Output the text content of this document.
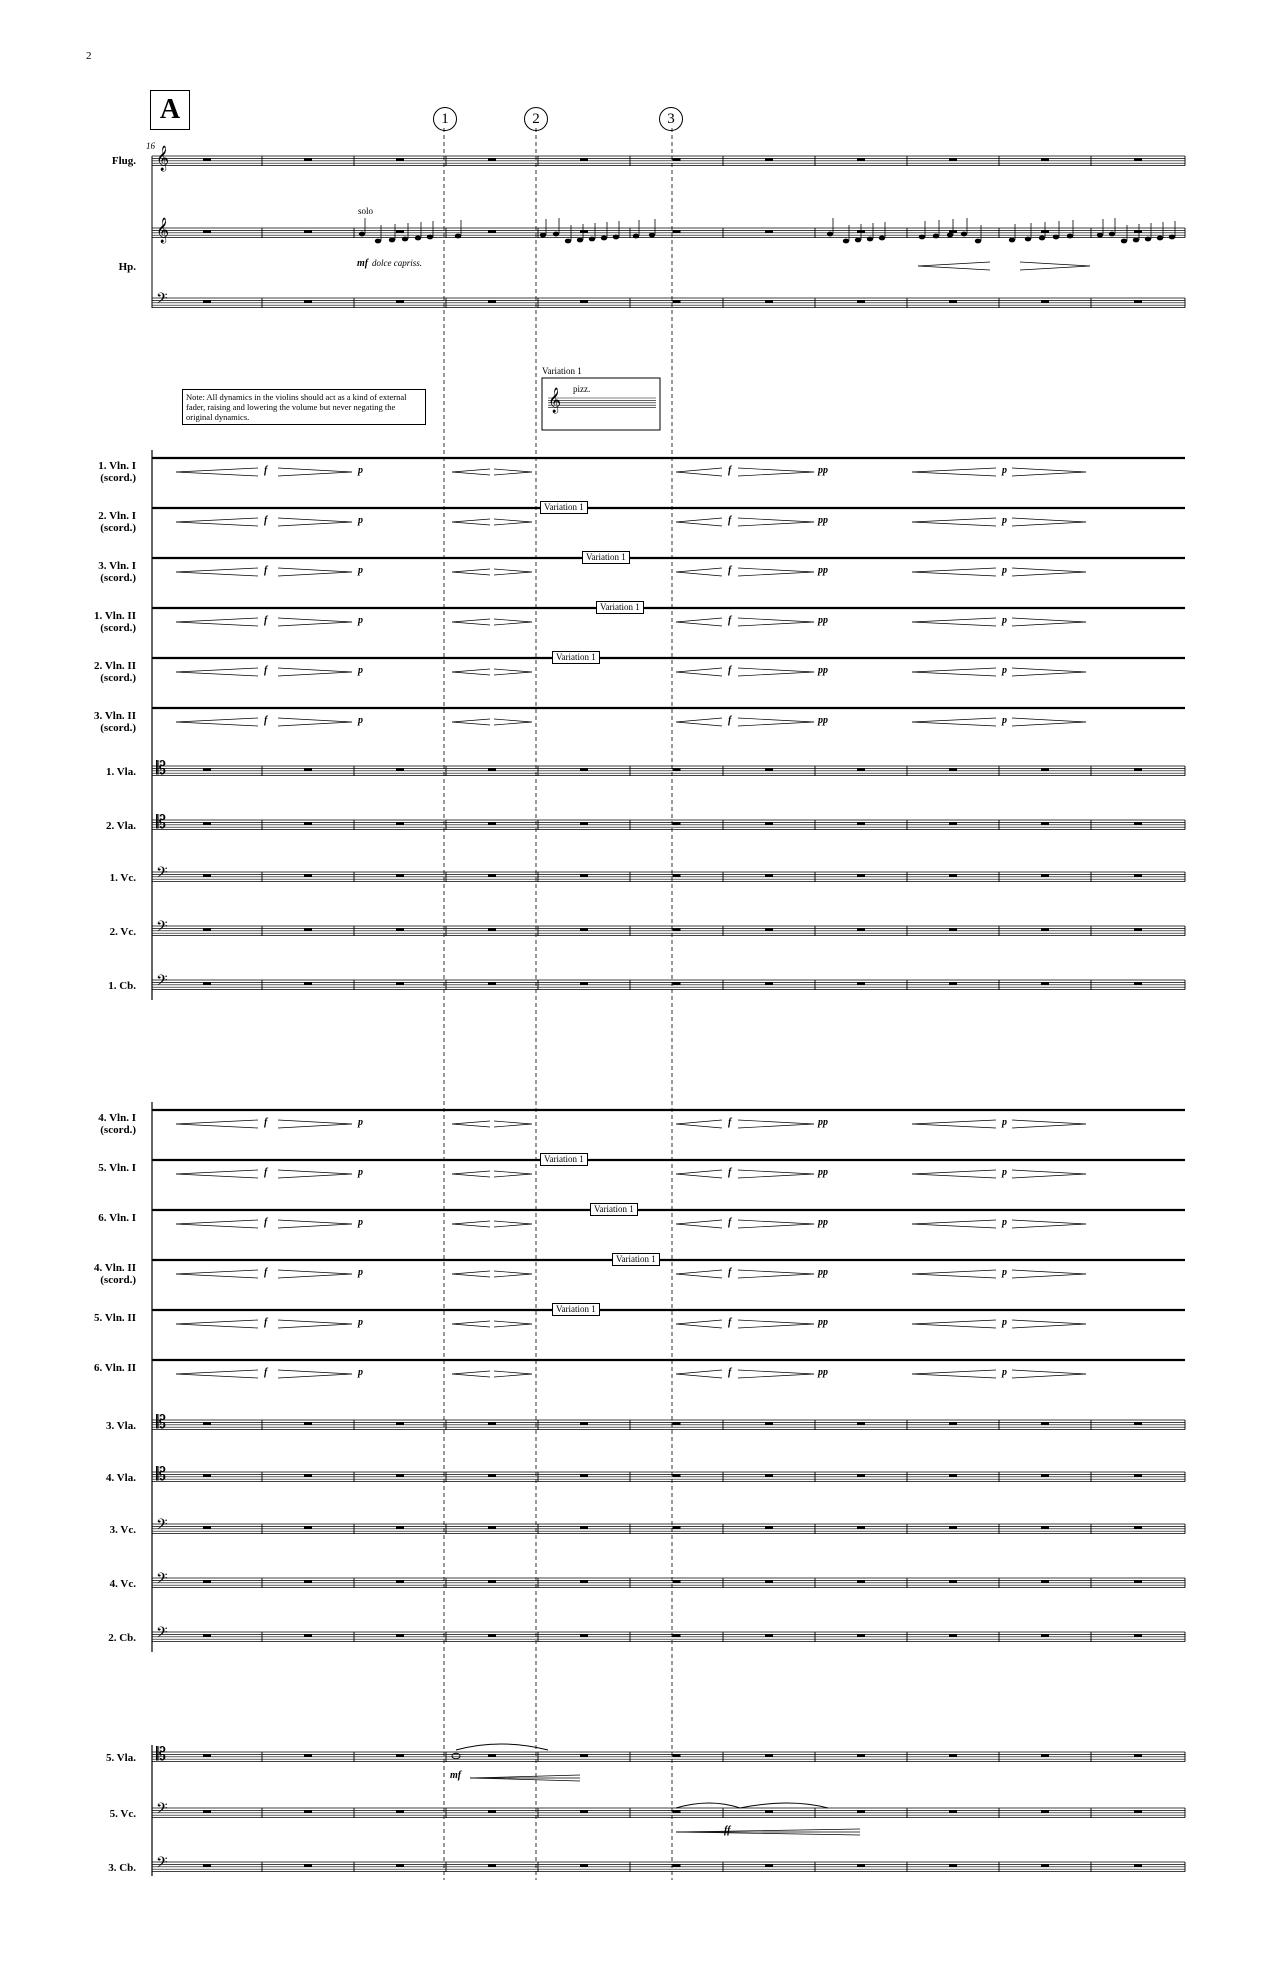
𝄞
𝄞
𝄢
𝄞
𝄡
𝄡
𝄢
𝄢
𝄢
𝄡
𝄡
𝄢
𝄢
𝄢
𝄡
𝄢
𝄢
2
A	1	2	3
16
Note: All dynamics in the violins should act as a kind of external fader, raising and lowering the volume but never negating the original dynamics.
Variation 1
pizz.
solo
mf dolce capriss.
Flug.
Hp.
1. Vln. I
(scord.)
2. Vln. I
(scord.)
3. Vln. I
(scord.)
1. Vln. II
(scord.)
2. Vln. II
(scord.)
3. Vln. II
(scord.)
1. Vla.
2. Vla.
1. Vc.
2. Vc.
1. Cb.
4. Vln. I
(scord.)
5. Vln. I
6. Vln. I
4. Vln. II
(scord.)
5. Vln. II
6. Vln. II
3. Vla.
4. Vla.
3. Vc.
4. Vc.
2. Cb.
5. Vla.
5. Vc.
3. Cb.
Variation 1
Variation 1
Variation 1
Variation 1
Variation 1
Variation 1
Variation 1
Variation 1
f	p	f	pp	p
f	p	f	pp	p
f	p	f	pp	p
f	p	f	pp	p
f	p	f	pp	p
f	p	f	pp	p
f	p	f	pp	p
f	p	f	pp	p
f	p	f	pp	p
f	p	f	pp	p
f	p	f	pp	p
f	p	f	pp	p
mf
ff
